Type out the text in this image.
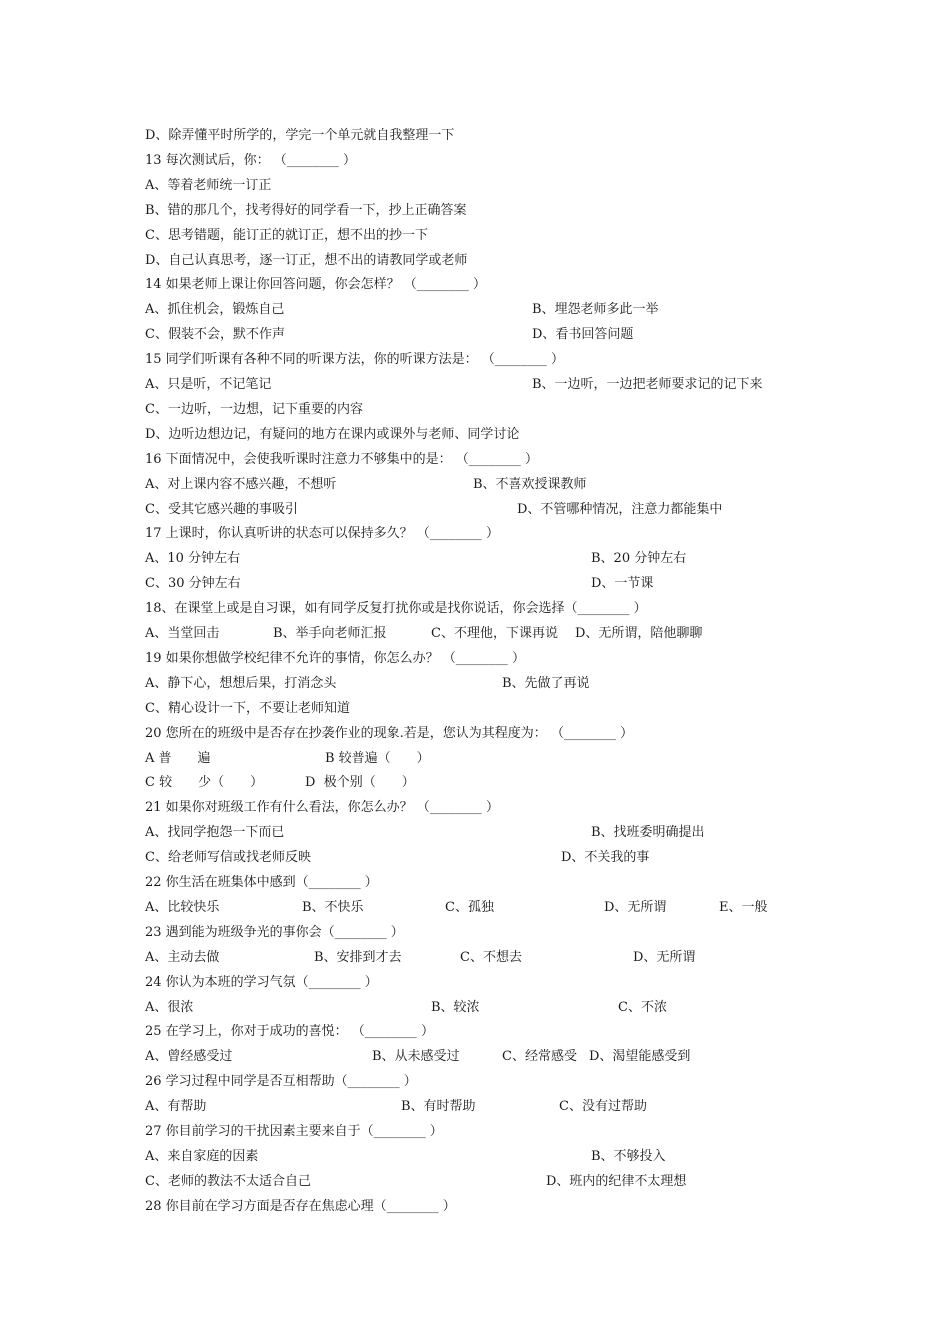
D、除弄懂平时所学的，学完一个单元就自我整理一下
13 每次测试后，你： （________ ）
A、等着老师统一订正
B、错的那几个，找考得好的同学看一下，抄上正确答案
C、思考错题，能订正的就订正，想不出的抄一下
D、自己认真思考，逐一订正，想不出的请教同学或老师
14 如果老师上课让你回答问题，你会怎样？ （________ ）
A、抓住机会，锻炼自己	B、埋怨老师多此一举
C、假装不会，默不作声	D、看书回答问题
15 同学们听课有各种不同的听课方法，你的听课方法是： （________ ）
A、只是听，不记笔记	B、一边听，一边把老师要求记的记下来
C、一边听，一边想，记下重要的内容
D、边听边想边记，有疑问的地方在课内或课外与老师、同学讨论
16 下面情况中，会使我听课时注意力不够集中的是： （________ ）
A、对上课内容不感兴趣，不想听	B、不喜欢授课教师
C、受其它感兴趣的事吸引	D、不管哪种情况，注意力都能集中
17 上课时，你认真听讲的状态可以保持多久？ （________ ）
A、10 分钟左右	B、20 分钟左右
C、30 分钟左右	D、一节课
18、在课堂上或是自习课，如有同学反复打扰你或是找你说话，你会选择（________ ）
A、当堂回击	B、举手向老师汇报	C、不理他，下课再说 D、无所谓，陪他聊聊
19 如果你想做学校纪律不允许的事情，你怎么办？ （________ ）
A、静下心，想想后果，打消念头	B、先做了再说
C、精心设计一下，不要让老师知道
20 您所在的班级中是否存在抄袭作业的现象.若是，您认为其程度为： （________ ）
A 普　　遍	B 较普遍（　　）
C 较　　少（　　）	D  极个别（　　）
21 如果你对班级工作有什么看法，你怎么办？ （________ ）
A、找同学抱怨一下而已	B、找班委明确提出
C、给老师写信或找老师反映	D、不关我的事
22 你生活在班集体中感到（________ ）
A、比较快乐	B、不快乐	C、孤独	D、无所谓	E、一般
23 遇到能为班级争光的事你会（________ ）
A、主动去做	B、安排到才去	C、不想去	D、无所谓
24 你认为本班的学习气氛（________ ）
A、很浓	B、较浓	C、不浓
25 在学习上，你对于成功的喜悦： （________ ）
A、曾经感受过	B、从未感受过	C、经常感受 D、渴望能感受到
26 学习过程中同学是否互相帮助（________ ）
A、有帮助	B、有时帮助	C、没有过帮助
27 你目前学习的干扰因素主要来自于（________ ）
A、来自家庭的因素	B、不够投入
C、老师的教法不太适合自己	D、班内的纪律不太理想
28 你目前在学习方面是否存在焦虑心理（________ ）
